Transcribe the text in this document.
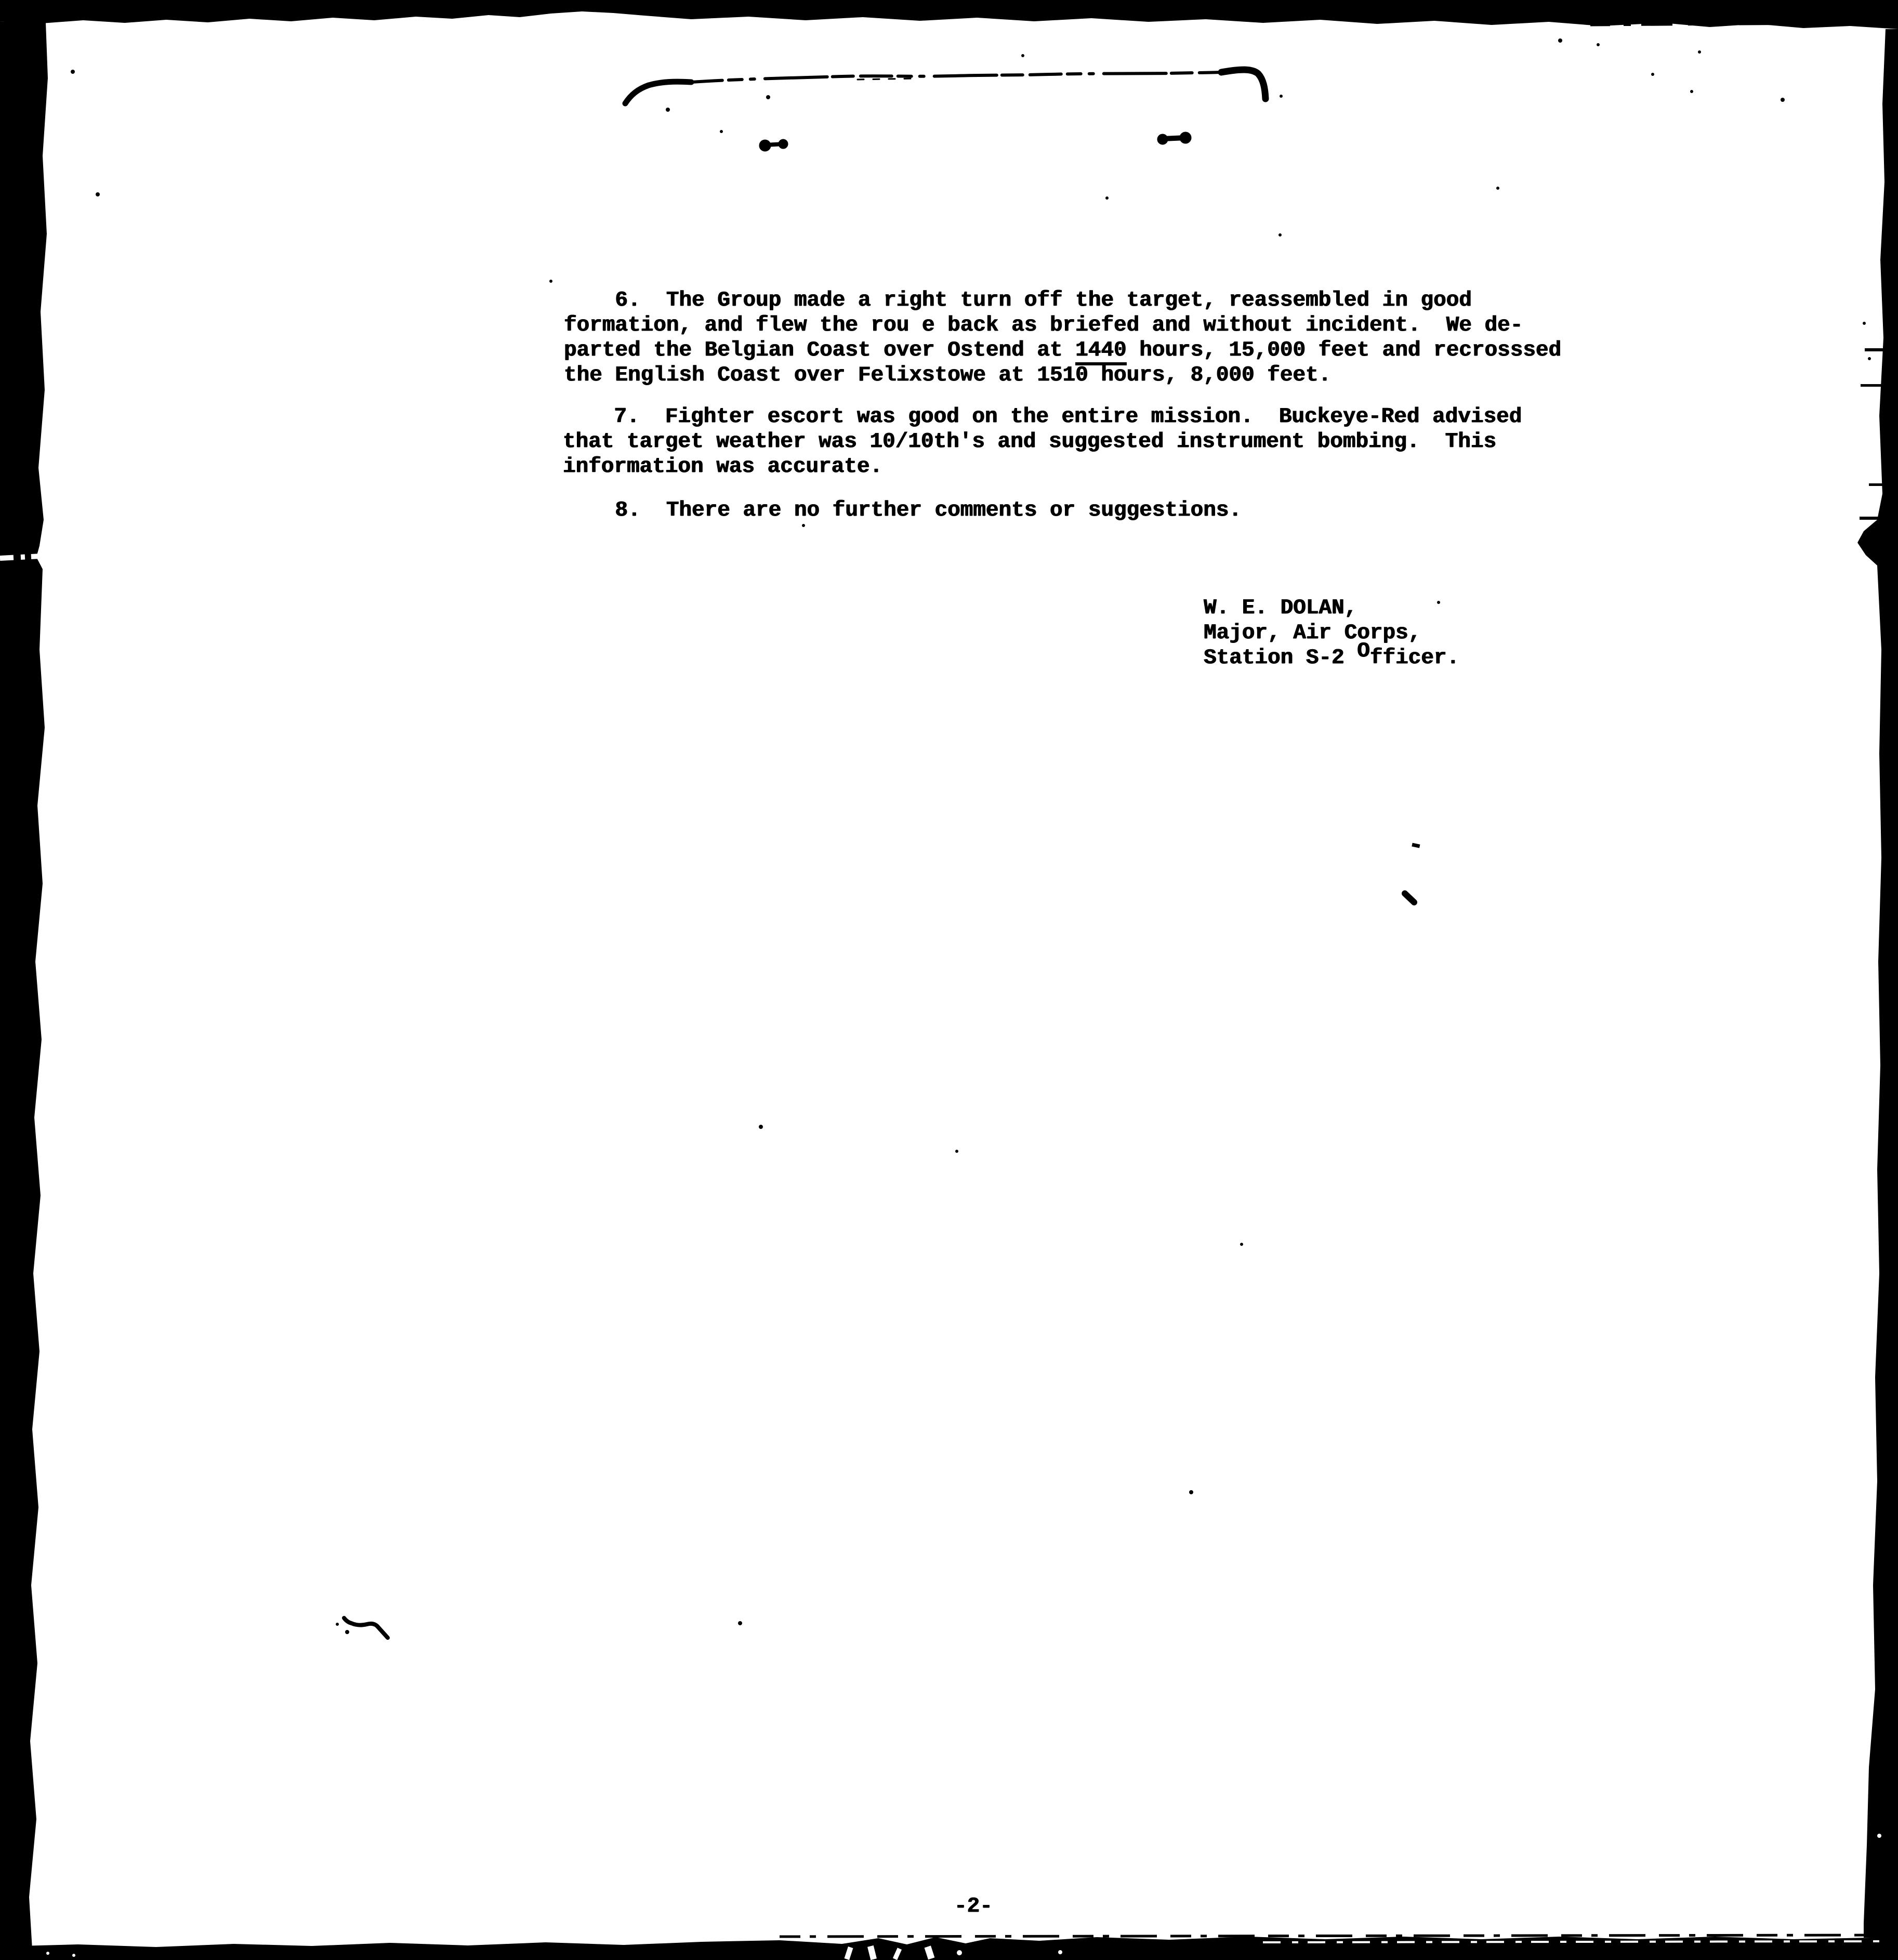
6.  The Group made a right turn off the target, reassembled in good
formation, and flew the rou e back as briefed and without incident.  We de-
parted the Belgian Coast over Ostend at 1440 hours, 15,000 feet and recrosssed
the English Coast over Felixstowe at 1510 hours, 8,000 feet.
7.  Fighter escort was good on the entire mission.  Buckeye-Red advised
that target weather was 10/10th's and suggested instrument bombing.  This
information was accurate.
8.  There are no further comments or suggestions.
W. E. DOLAN,
Major, Air Corps,
Station S-2 Officer.
-2-
